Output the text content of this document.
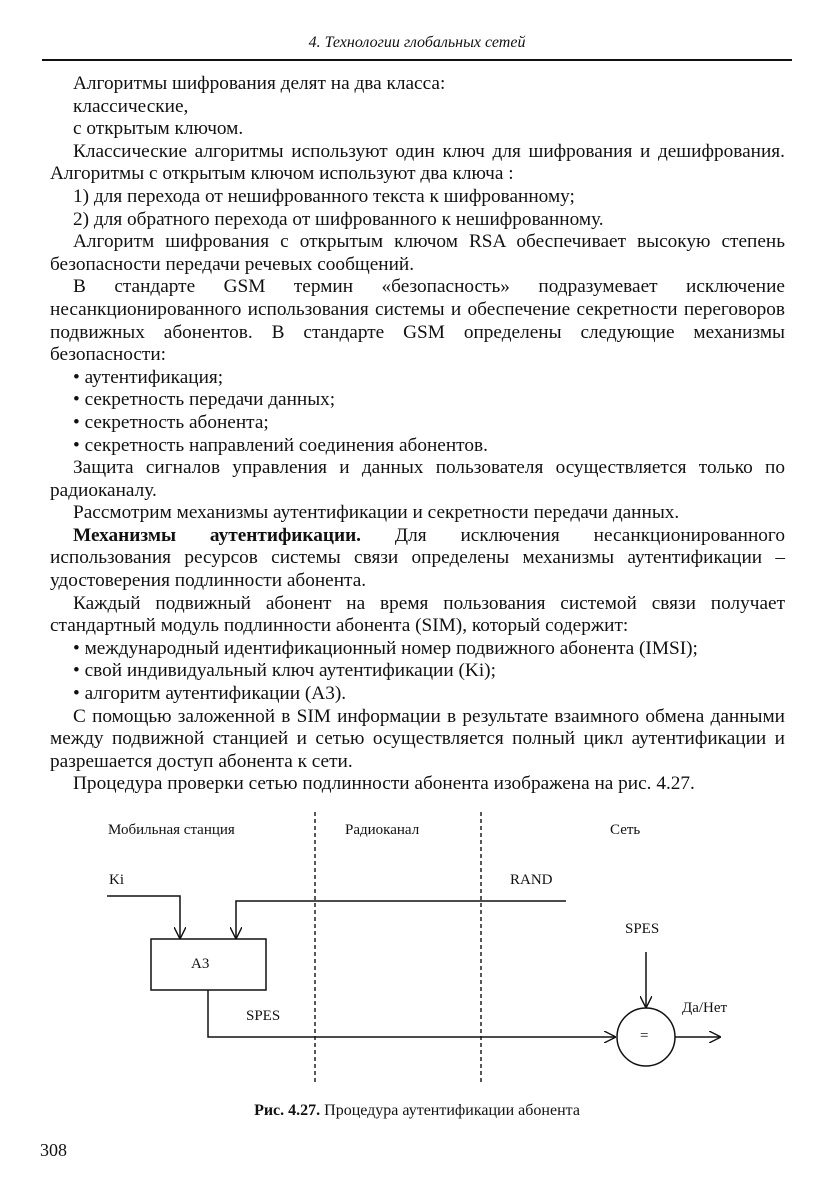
4. Технологии глобальных сетей

Алгоритмы шифрования делят на два класса:

классические,

с открытым ключом.

Классические алгоритмы используют один ключ для шифрования и дешифрования. Алгоритмы с открытым ключом используют два ключа :

1) для перехода от нешифрованного текста к шифрованному;

2) для обратного перехода от шифрованного к нешифрованному.

Алгоритм шифрования с открытым ключом RSA обеспечивает высокую степень безопасности передачи речевых сообщений.

В стандарте GSM термин «безопасность» подразумевает исключение несанкционированного использования системы и обеспечение секретности переговоров подвижных абонентов. В стандарте GSM определены следующие механизмы безопасности:

• аутентификация;

• секретность передачи данных;

• секретность абонента;

• секретность направлений соединения абонентов.

Защита сигналов управления и данных пользователя осуществляется только по радиоканалу.

Рассмотрим механизмы аутентификации и секретности передачи данных.

Механизмы аутентификации. Для исключения несанкционированного использования ресурсов системы связи определены механизмы аутентификации – удостоверения подлинности абонента.

Каждый подвижный абонент на время пользования системой связи получает стандартный модуль подлинности абонента (SIM), который содержит:

• международный идентификационный номер подвижного абонента (IMSI);

• свой индивидуальный ключ аутентификации (Ki);

• алгоритм аутентификации (А3).

С помощью заложенной в SIM информации в результате взаимного обмена данными между подвижной станцией и сетью осуществляется полный цикл аутентификации и разрешается доступ абонента к сети.

Процедура проверки сетью подлинности абонента изображена на рис. 4.27.

Мобильная станция	Радиоканал	Сеть
Ki	RAND
А3
SPES
SPES
=
Да/Нет
Рис. 4.27. Процедура аутентификации абонента
308
